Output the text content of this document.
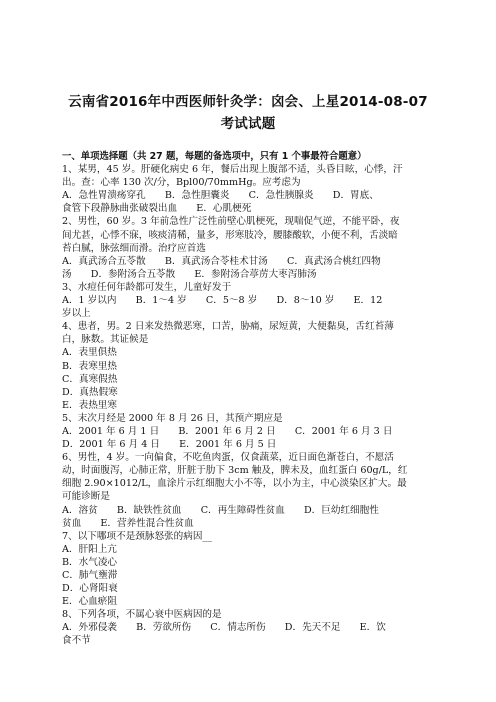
云南省2016年中西医师针灸学：囟会、上星2014-08-07
考试试题
一、单项选择题（共 27 题，每题的备选项中，只有 1 个事最符合题意）
1、某男，45 岁。肝硬化病史 6 年，餐后出现上腹部不适，头昏目眩，心悸，汗
出。查：心率 130 次/分，Bpl00/70mmHg。应考虑为
A．急性胃溃疡穿孔　　B．急性胆囊炎　　C．急性胰腺炎　　D．胃底、
食管下段静脉曲张破裂出血　　E．心肌梗死
2、男性，60 岁。3 年前急性广泛性前壁心肌梗死，现喘促气逆，不能平卧，夜
间尤甚，心悸不寐，咳痰清稀，量多，形寒肢冷，腰膝酸软，小便不利，舌淡暗
苔白腻，脉弦细而滑。治疗应首选
A．真武汤合五苓散　　B．真武汤合苓桂术甘汤　　C．真武汤合桃红四物
汤　　D．参附汤合五苓散　　E．参附汤合葶苈大枣泻肺汤
3、水痘任何年龄都可发生，儿童好发于
A．1 岁以内　　B．1～4 岁　　C．5～8 岁　　D．8～10 岁　　E．12
岁以上
4、患者，男。2 日来发热微恶寒，口苦，胁痛，尿短黄，大便黏臭，舌红苔薄
白，脉数。其证候是
A．表里俱热
B．表寒里热
C．真寒假热
D．真热假寒
E．表热里寒
5、末次月经是 2000 年 8 月 26 日，其预产期应是
A．2001 年 6 月 1 日　　B．2001 年 6 月 2 日　　C．2001 年 6 月 3 日
D．2001 年 6 月 4 日　　E．2001 年 6 月 5 日
6、男性，4 岁。一向偏食，不吃鱼肉蛋，仅食蔬菜，近日面色渐苍白，不愿活
动，时面腹泻，心肺正常，肝脏于肋下 3cm 触及，脾未及，血红蛋白 60g/L，红
细胞 2.90×1012/L，血涂片示红细胞大小不等，以小为主，中心淡染区扩大。最
可能诊断是
A．溶贫　　B．缺铁性贫血　　C．再生障碍性贫血　　D．巨幼红细胞性
贫血　　E．营养性混合性贫血
7、以下哪项不是颈脉怒张的病因__
A．肝阳上亢
B．水气凌心
C．肺气壅滞
D．心肾阳衰
E．心血瘀阻
8、下列各项，不属心衰中医病因的是
A．外邪侵袭　　B．劳欲所伤　　C．情志所伤　　D．先天不足　　E．饮
食不节
